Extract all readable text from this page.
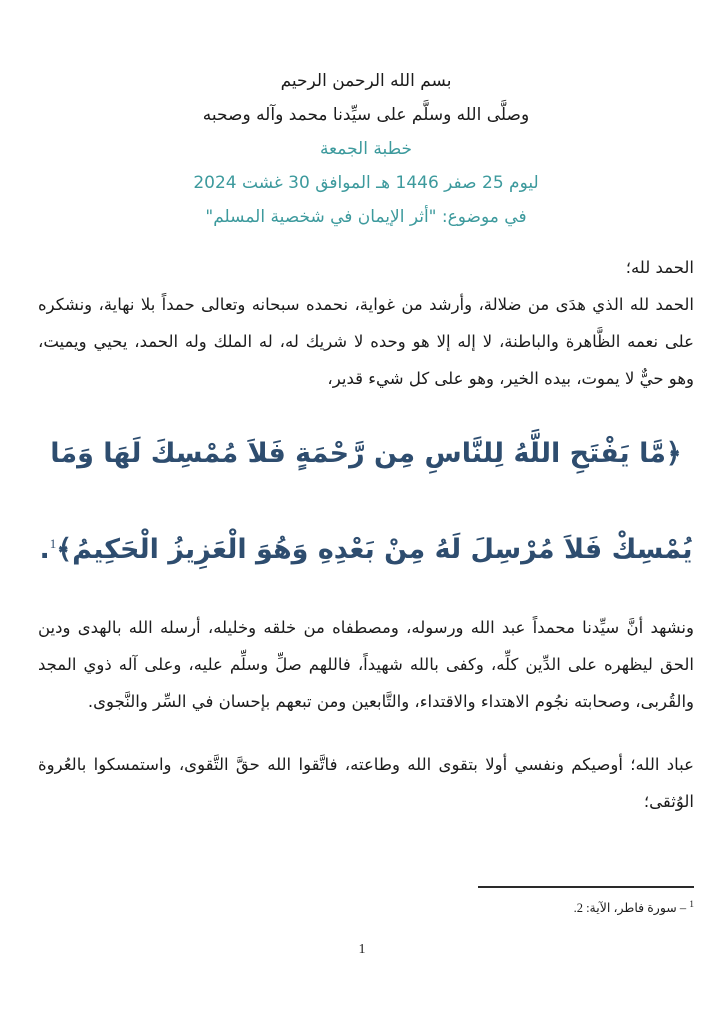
بسم الله الرحمن الرحيم

وصلَّى الله وسلَّم على سيِّدنا محمد وآله وصحبه

خطبة الجمعة

ليوم 25 صفر 1446 هـ الموافق 30 غشت 2024

في موضوع: "أثر الإيمان في شخصية المسلم"

الحمد لله؛

الحمد لله الذي هدَى من ضلالة، وأرشد من غواية، نحمده سبحانه وتعالى حمداً بلا نهاية، ونشكره على نعمه الظَّاهرة والباطنة، لا إله إلا هو وحده لا شريك له، له الملك وله الحمد، يحيي ويميت، وهو حيٌّ لا يموت، بيده الخير، وهو على كل شيء قدير،

﴿مَّا يَفْتَحِ اللَّهُ لِلنَّاسِ مِن رَّحْمَةٍ فَلاَ مُمْسِكَ لَهَا وَمَا يُمْسِكْ فَلاَ مُرْسِلَ لَهُ مِنْ بَعْدِهِ وَهُوَ الْعَزِيزُ الْحَكِيمُ﴾$^1$.

ونشهد أنَّ سيِّدنا محمداً عبد الله ورسوله، ومصطفاه من خلقه وخليله، أرسله الله بالهدى ودين الحق ليظهره على الدِّين كلِّه، وكفى بالله شهيداً، فاللهم صلِّ وسلِّم عليه، وعلى آله ذوي المجد والقُربى، وصحابته نجُوم الاهتداء والاقتداء، والتَّابعين ومن تبعهم بإحسان في السِّر والنَّجوى.

عباد الله؛ أوصيكم ونفسي أولا بتقوى الله وطاعته، فاتَّقوا الله حقَّ التَّقوى، واستمسكوا بالعُروة الوُثقى؛

$^1$ – سورة فاطر، الآية: 2.

1
